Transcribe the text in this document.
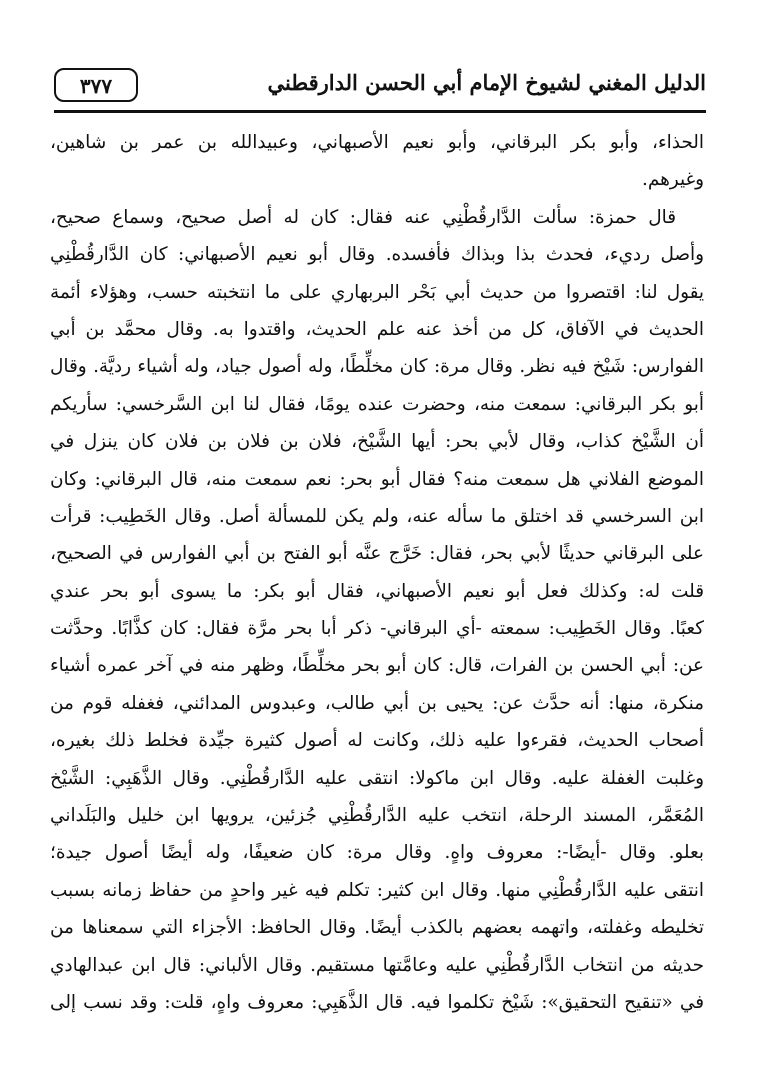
الدليل المغني لشيوخ الإمام أبي الحسن الدارقطني
٣٧٧
الحذاء، وأبو بكر البرقاني، وأبو نعيم الأصبهاني، وعبيدالله بن عمر بن شاهين،
وغيرهم.
قال حمزة: سألت الدَّارقُطْنِي عنه فقال: كان له أصل صحيح، وسماع صحيح،
وأصل رديء، فحدث بذا وبذاك فأفسده. وقال أبو نعيم الأصبهاني: كان الدَّارقُطْنِي
يقول لنا: اقتصروا من حديث أبي بَحْر البربهاري على ما انتخبته حسب، وهؤلاء أئمة
الحديث في الآفاق، كل من أخذ عنه علم الحديث، واقتدوا به. وقال محمَّد بن أبي
الفوارس: شَيْخ فيه نظر. وقال مرة: كان مخلِّطًا، وله أصول جياد، وله أشياء رديَّة. وقال
أبو بكر البرقاني: سمعت منه، وحضرت عنده يومًا، فقال لنا ابن السَّرخسي: سأريكم
أن الشَّيْخ كذاب، وقال لأبي بحر: أيها الشَّيْخ، فلان بن فلان بن فلان كان ينزل في
الموضع الفلاني هل سمعت منه؟ فقال أبو بحر: نعم سمعت منه، قال البرقاني: وكان
ابن السرخسي قد اختلق ما سأله عنه، ولم يكن للمسألة أصل. وقال الخَطِيب: قرأت
على البرقاني حديثًا لأبي بحر، فقال: خَرَّج عنَّه أبو الفتح بن أبي الفوارس في الصحيح،
قلت له: وكذلك فعل أبو نعيم الأصبهاني، فقال أبو بكر: ما يسوى أبو بحر عندي
كعبًا. وقال الخَطِيب: سمعته -أي البرقاني- ذكر أبا بحر مرَّة فقال: كان كذَّابًا. وحدَّثت
عن: أبي الحسن بن الفرات، قال: كان أبو بحر مخلِّطًا، وظهر منه في آخر عمره أشياء
منكرة، منها: أنه حدَّث عن: يحيى بن أبي طالب، وعبدوس المدائني، فغفله قوم من
أصحاب الحديث، فقرءوا عليه ذلك، وكانت له أصول كثيرة جيِّدة فخلط ذلك بغيره،
وغلبت الغفلة عليه. وقال ابن ماكولا: انتقى عليه الدَّارقُطْنِي. وقال الذَّهَبِي: الشَّيْخ
المُعَمَّر، المسند الرحلة، انتخب عليه الدَّارقُطْنِي جُزئين، يرويها ابن خليل والبَلَداني
بعلو. وقال -أيضًا-: معروف واهٍ. وقال مرة: كان ضعيفًا، وله أيضًا أصول جيدة؛
انتقى عليه الدَّارقُطْنِي منها. وقال ابن كثير: تكلم فيه غير واحدٍ من حفاظ زمانه بسبب
تخليطه وغفلته، واتهمه بعضهم بالكذب أيضًا. وقال الحافظ: الأجزاء التي سمعناها من
حديثه من انتخاب الدَّارقُطْنِي عليه وعامَّتها مستقيم. وقال الألباني: قال ابن عبدالهادي
في «تنقيح التحقيق»: شَيْخ تكلموا فيه. قال الذَّهَبِي: معروف واهٍ، قلت: وقد نسب إلى
